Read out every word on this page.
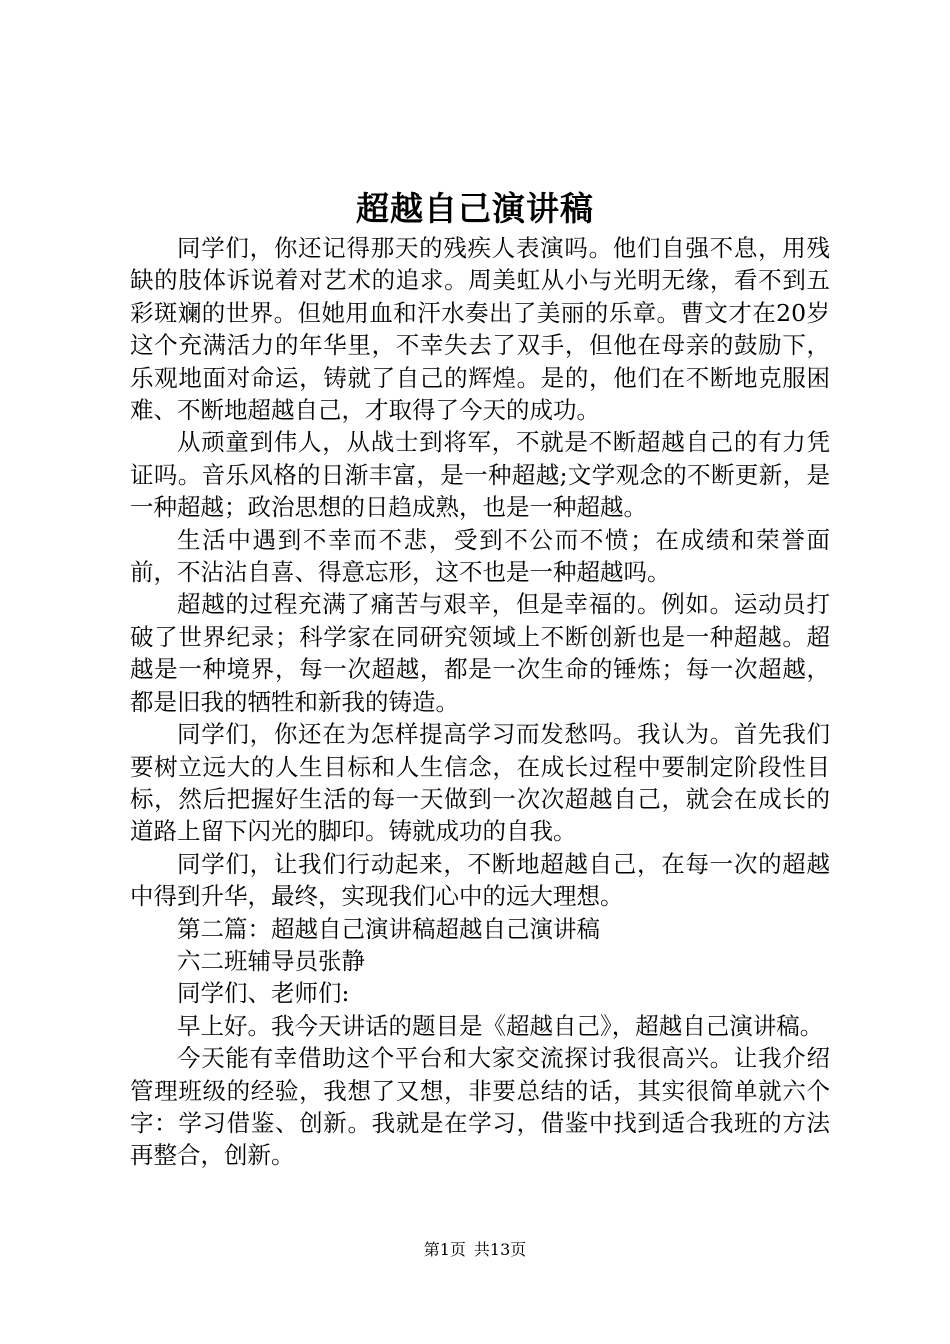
超越自己演讲稿

同学们，你还记得那天的残疾人表演吗。他们自强不息，用残缺的肢体诉说着对艺术的追求。周美虹从小与光明无缘，看不到五彩斑斓的世界。但她用血和汗水奏出了美丽的乐章。曹文才在20岁这个充满活力的年华里，不幸失去了双手，但他在母亲的鼓励下，乐观地面对命运，铸就了自己的辉煌。是的，他们在不断地克服困难、不断地超越自己，才取得了今天的成功。

从顽童到伟人，从战士到将军，不就是不断超越自己的有力凭证吗。音乐风格的日渐丰富，是一种超越;文学观念的不断更新，是一种超越；政治思想的日趋成熟，也是一种超越。

生活中遇到不幸而不悲，受到不公而不愤；在成绩和荣誉面前，不沾沾自喜、得意忘形，这不也是一种超越吗。

超越的过程充满了痛苦与艰辛，但是幸福的。例如。运动员打破了世界纪录；科学家在同研究领域上不断创新也是一种超越。超越是一种境界，每一次超越，都是一次生命的锤炼；每一次超越，都是旧我的牺牲和新我的铸造。

同学们，你还在为怎样提高学习而发愁吗。我认为。首先我们要树立远大的人生目标和人生信念，在成长过程中要制定阶段性目标，然后把握好生活的每一天做到一次次超越自己，就会在成长的道路上留下闪光的脚印。铸就成功的自我。

同学们，让我们行动起来，不断地超越自己，在每一次的超越中得到升华，最终，实现我们心中的远大理想。

第二篇：超越自己演讲稿超越自己演讲稿

六二班辅导员张静

同学们、老师们:

早上好。我今天讲话的题目是《超越自己》，超越自己演讲稿。

今天能有幸借助这个平台和大家交流探讨我很高兴。让我介绍管理班级的经验，我想了又想，非要总结的话，其实很简单就六个字：学习借鉴、创新。我就是在学习，借鉴中找到适合我班的方法再整合，创新。

第1页 共13页
